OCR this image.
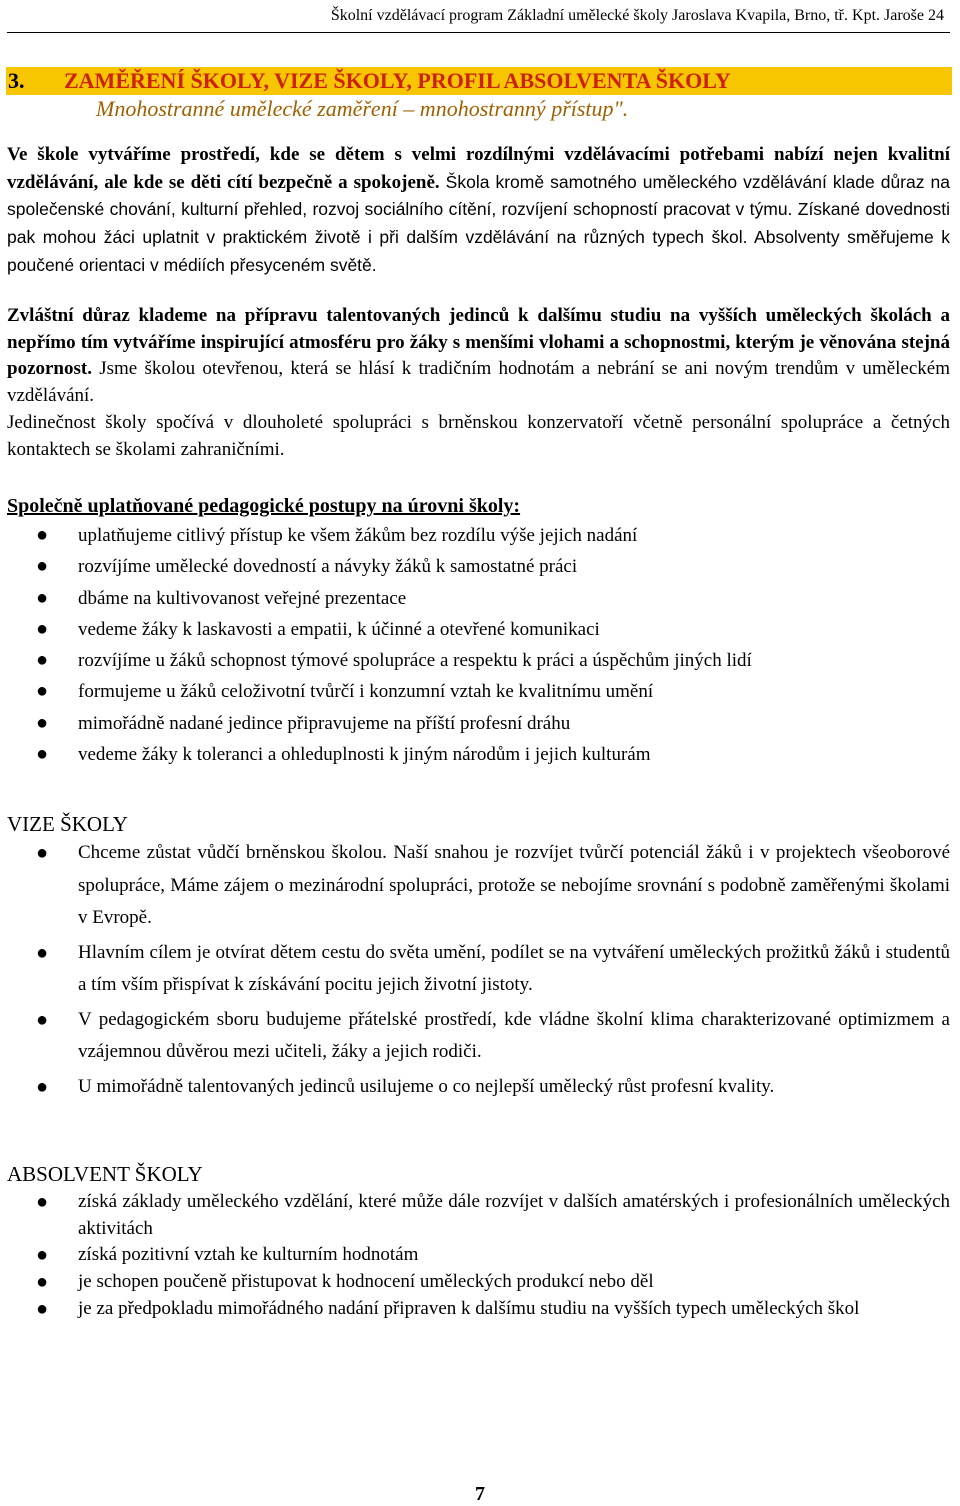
Školní vzdělávací program Základní umělecké školy Jaroslava Kvapila, Brno, tř. Kpt. Jaroše 24
3. ZAMĚŘENÍ ŠKOLY, VIZE ŠKOLY, PROFIL ABSOLVENTA ŠKOLY
Mnohostranné umělecké zaměření – mnohostranný přístup".

Ve škole vytváříme prostředí, kde se dětem s velmi rozdílnými vzdělávacími potřebami nabízí nejen kvalitní vzdělávání, ale kde se děti cítí bezpečně a spokojeně. Škola kromě samotného uměleckého vzdělávání klade důraz na společenské chování, kulturní přehled, rozvoj sociálního cítění, rozvíjení schopností pracovat v týmu. Získané dovednosti pak mohou žáci uplatnit v praktickém životě i při dalším vzdělávání na různých typech škol. Absolventy směřujeme k poučené orientaci v médiích přesyceném světě.

Zvláštní důraz klademe na přípravu talentovaných jedinců k dalšímu studiu na vyšších uměleckých školách a nepřímo tím vytváříme inspirující atmosféru pro žáky s menšími vlohami a schopnostmi, kterým je věnována stejná pozornost. Jsme školou otevřenou, která se hlásí k tradičním hodnotám a nebrání se ani novým trendům v uměleckém vzdělávání.

Jedinečnost školy spočívá v dlouholeté spolupráci s brněnskou konzervatoří včetně personální spolupráce a četných kontaktech se školami zahraničními.

Společně uplatňované pedagogické postupy na úrovni školy:
● uplatňujeme citlivý přístup ke všem žákům bez rozdílu výše jejich nadání
● rozvíjíme umělecké dovedností a návyky žáků k samostatné práci
● dbáme na kultivovanost veřejné prezentace
● vedeme žáky k laskavosti a empatii, k účinné a otevřené komunikaci
● rozvíjíme u žáků schopnost týmové spolupráce a respektu k práci a úspěchům jiných lidí
● formujeme u žáků celoživotní tvůrčí i konzumní vztah ke kvalitnímu umění
● mimořádně nadané jedince připravujeme na příští profesní dráhu
● vedeme žáky k toleranci a ohleduplnosti k jiným národům i jejich kulturám
VIZE ŠKOLY
● Chceme zůstat vůdčí brněnskou školou. Naší snahou je rozvíjet tvůrčí potenciál žáků i v projektech všeoborové spolupráce, Máme zájem o mezinárodní spolupráci, protože se nebojíme srovnání s podobně zaměřenými školami v Evropě.
● Hlavním cílem je otvírat dětem cestu do světa umění, podílet se na vytváření uměleckých prožitků žáků i studentů a tím vším přispívat k získávání pocitu jejich životní jistoty.
● V pedagogickém sboru budujeme přátelské prostředí, kde vládne školní klima charakterizované optimizmem a vzájemnou důvěrou mezi učiteli, žáky a jejich rodiči.
● U mimořádně talentovaných jedinců usilujeme o co nejlepší umělecký růst profesní kvality.
ABSOLVENT ŠKOLY
● získá základy uměleckého vzdělání, které může dále rozvíjet v dalších amatérských i profesionálních uměleckých aktivitách
● získá pozitivní vztah ke kulturním hodnotám
● je schopen poučeně přistupovat k hodnocení uměleckých produkcí nebo děl
● je za předpokladu mimořádného nadání připraven k dalšímu studiu na vyšších typech uměleckých škol
7
